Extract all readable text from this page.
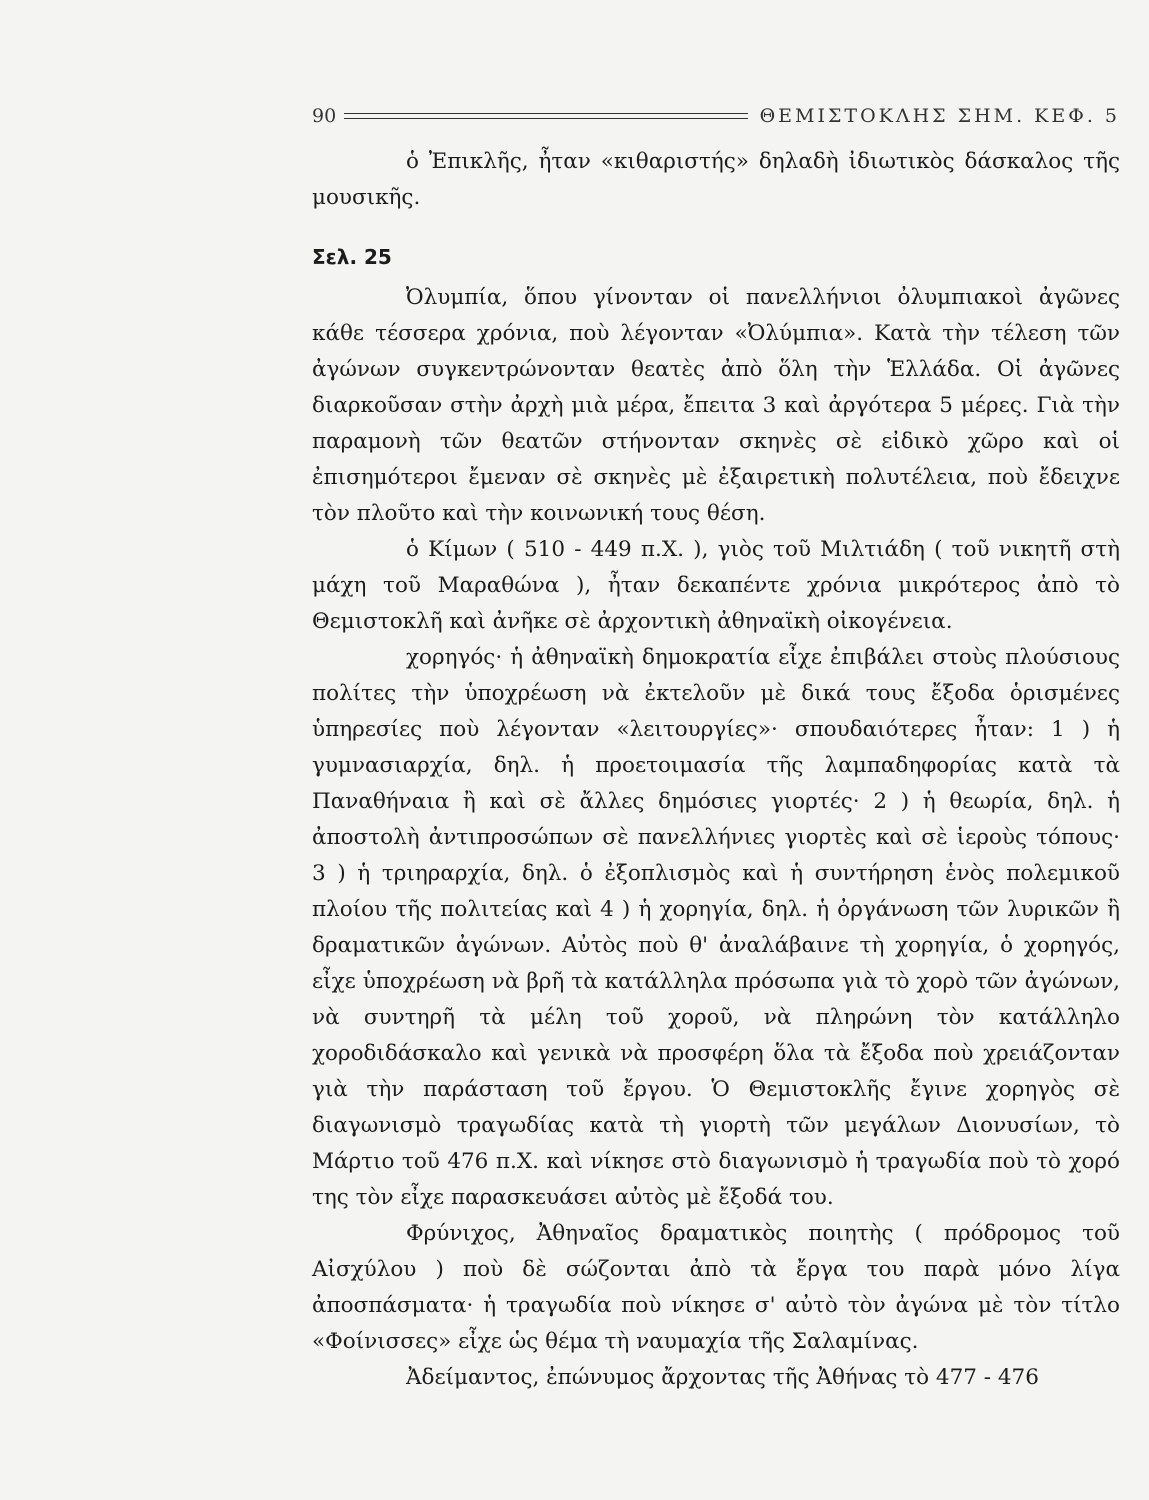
90	ΘΕΜΙΣΤΟΚΛΗΣ ΣΗΜ. ΚΕΦ. 5

ὁ Ἐπικλῆς, ἦταν «κιθαριστής» δηλαδὴ ἰδιωτικὸς δάσκαλος τῆς μουσικῆς.

Σελ. 25

Ὀλυμπία, ὅπου γίνονταν οἱ πανελλήνιοι ὀλυμπιακοὶ ἀγῶνες κάθε τέσσερα χρόνια, ποὺ λέγονταν «Ὀλύμπια». Κατὰ τὴν τέλεση τῶν ἀγώνων συγκεντρώνονταν θεατὲς ἀπὸ ὅλη τὴν Ἑλλάδα. Οἱ ἀγῶνες διαρκοῦσαν στὴν ἀρχὴ μιὰ μέρα, ἔπειτα 3 καὶ ἀργότερα 5 μέρες. Γιὰ τὴν παραμονὴ τῶν θεατῶν στήνονταν σκηνὲς σὲ εἰδικὸ χῶρο καὶ οἱ ἐπισημότεροι ἔμεναν σὲ σκηνὲς μὲ ἐξαιρετικὴ πολυτέλεια, ποὺ ἔδειχνε τὸν πλοῦτο καὶ τὴν κοινωνική τους θέση.

ὁ Κίμων ( 510 - 449 π.Χ. ), γιὸς τοῦ Μιλτιάδη ( τοῦ νικητῆ στὴ μάχη τοῦ Μαραθώνα ), ἦταν δεκαπέντε χρόνια μικρότερος ἀπὸ τὸ Θεμιστοκλῆ καὶ ἀνῆκε σὲ ἀρχοντικὴ ἀθηναϊκὴ οἰκογένεια.

χορηγός· ἡ ἀθηναϊκὴ δημοκρατία εἶχε ἐπιβάλει στοὺς πλούσιους πολίτες τὴν ὑποχρέωση νὰ ἐκτελοῦν μὲ δικά τους ἔξοδα ὁρισμένες ὑπηρεσίες ποὺ λέγονταν «λειτουργίες»· σπουδαιότερες ἦταν: 1 ) ἡ γυμνασιαρχία, δηλ. ἡ προετοιμασία τῆς λαμπαδηφορίας κατὰ τὰ Παναθήναια ἢ καὶ σὲ ἄλλες δημόσιες γιορτές· 2 ) ἡ θεωρία, δηλ. ἡ ἀποστολὴ ἀντιπροσώπων σὲ πανελλήνιες γιορτὲς καὶ σὲ ἱεροὺς τόπους· 3 ) ἡ τριηραρχία, δηλ. ὁ ἐξοπλισμὸς καὶ ἡ συντήρηση ἑνὸς πολεμικοῦ πλοίου τῆς πολιτείας καὶ 4 ) ἡ χορηγία, δηλ. ἡ ὀργάνωση τῶν λυρικῶν ἢ δραματικῶν ἀγώνων. Αὐτὸς ποὺ θ' ἀναλάβαινε τὴ χορηγία, ὁ χορηγός, εἶχε ὑποχρέωση νὰ βρῆ τὰ κατάλληλα πρόσωπα γιὰ τὸ χορὸ τῶν ἀγώνων, νὰ συντηρῆ τὰ μέλη τοῦ χοροῦ, νὰ πληρώνη τὸν κατάλληλο χοροδιδάσκαλο καὶ γενικὰ νὰ προσφέρη ὅλα τὰ ἔξοδα ποὺ χρειάζονταν γιὰ τὴν παράσταση τοῦ ἔργου. Ὁ Θεμιστοκλῆς ἔγινε χορηγὸς σὲ διαγωνισμὸ τραγωδίας κατὰ τὴ γιορτὴ τῶν μεγάλων Διονυσίων, τὸ Μάρτιο τοῦ 476 π.Χ. καὶ νίκησε στὸ διαγωνισμὸ ἡ τραγωδία ποὺ τὸ χορό της τὸν εἶχε παρασκευάσει αὐτὸς μὲ ἔξοδά του.

Φρύνιχος, Ἀθηναῖος δραματικὸς ποιητὴς ( πρόδρομος τοῦ Αἰσχύλου ) ποὺ δὲ σώζονται ἀπὸ τὰ ἔργα του παρὰ μόνο λίγα ἀποσπάσματα· ἡ τραγωδία ποὺ νίκησε σ' αὐτὸ τὸν ἀγώνα μὲ τὸν τίτλο «Φοίνισσες» εἶχε ὡς θέμα τὴ ναυμαχία τῆς Σαλαμίνας.

Ἀδείμαντος, ἐπώνυμος ἄρχοντας τῆς Ἀθήνας τὸ 477 - 476
